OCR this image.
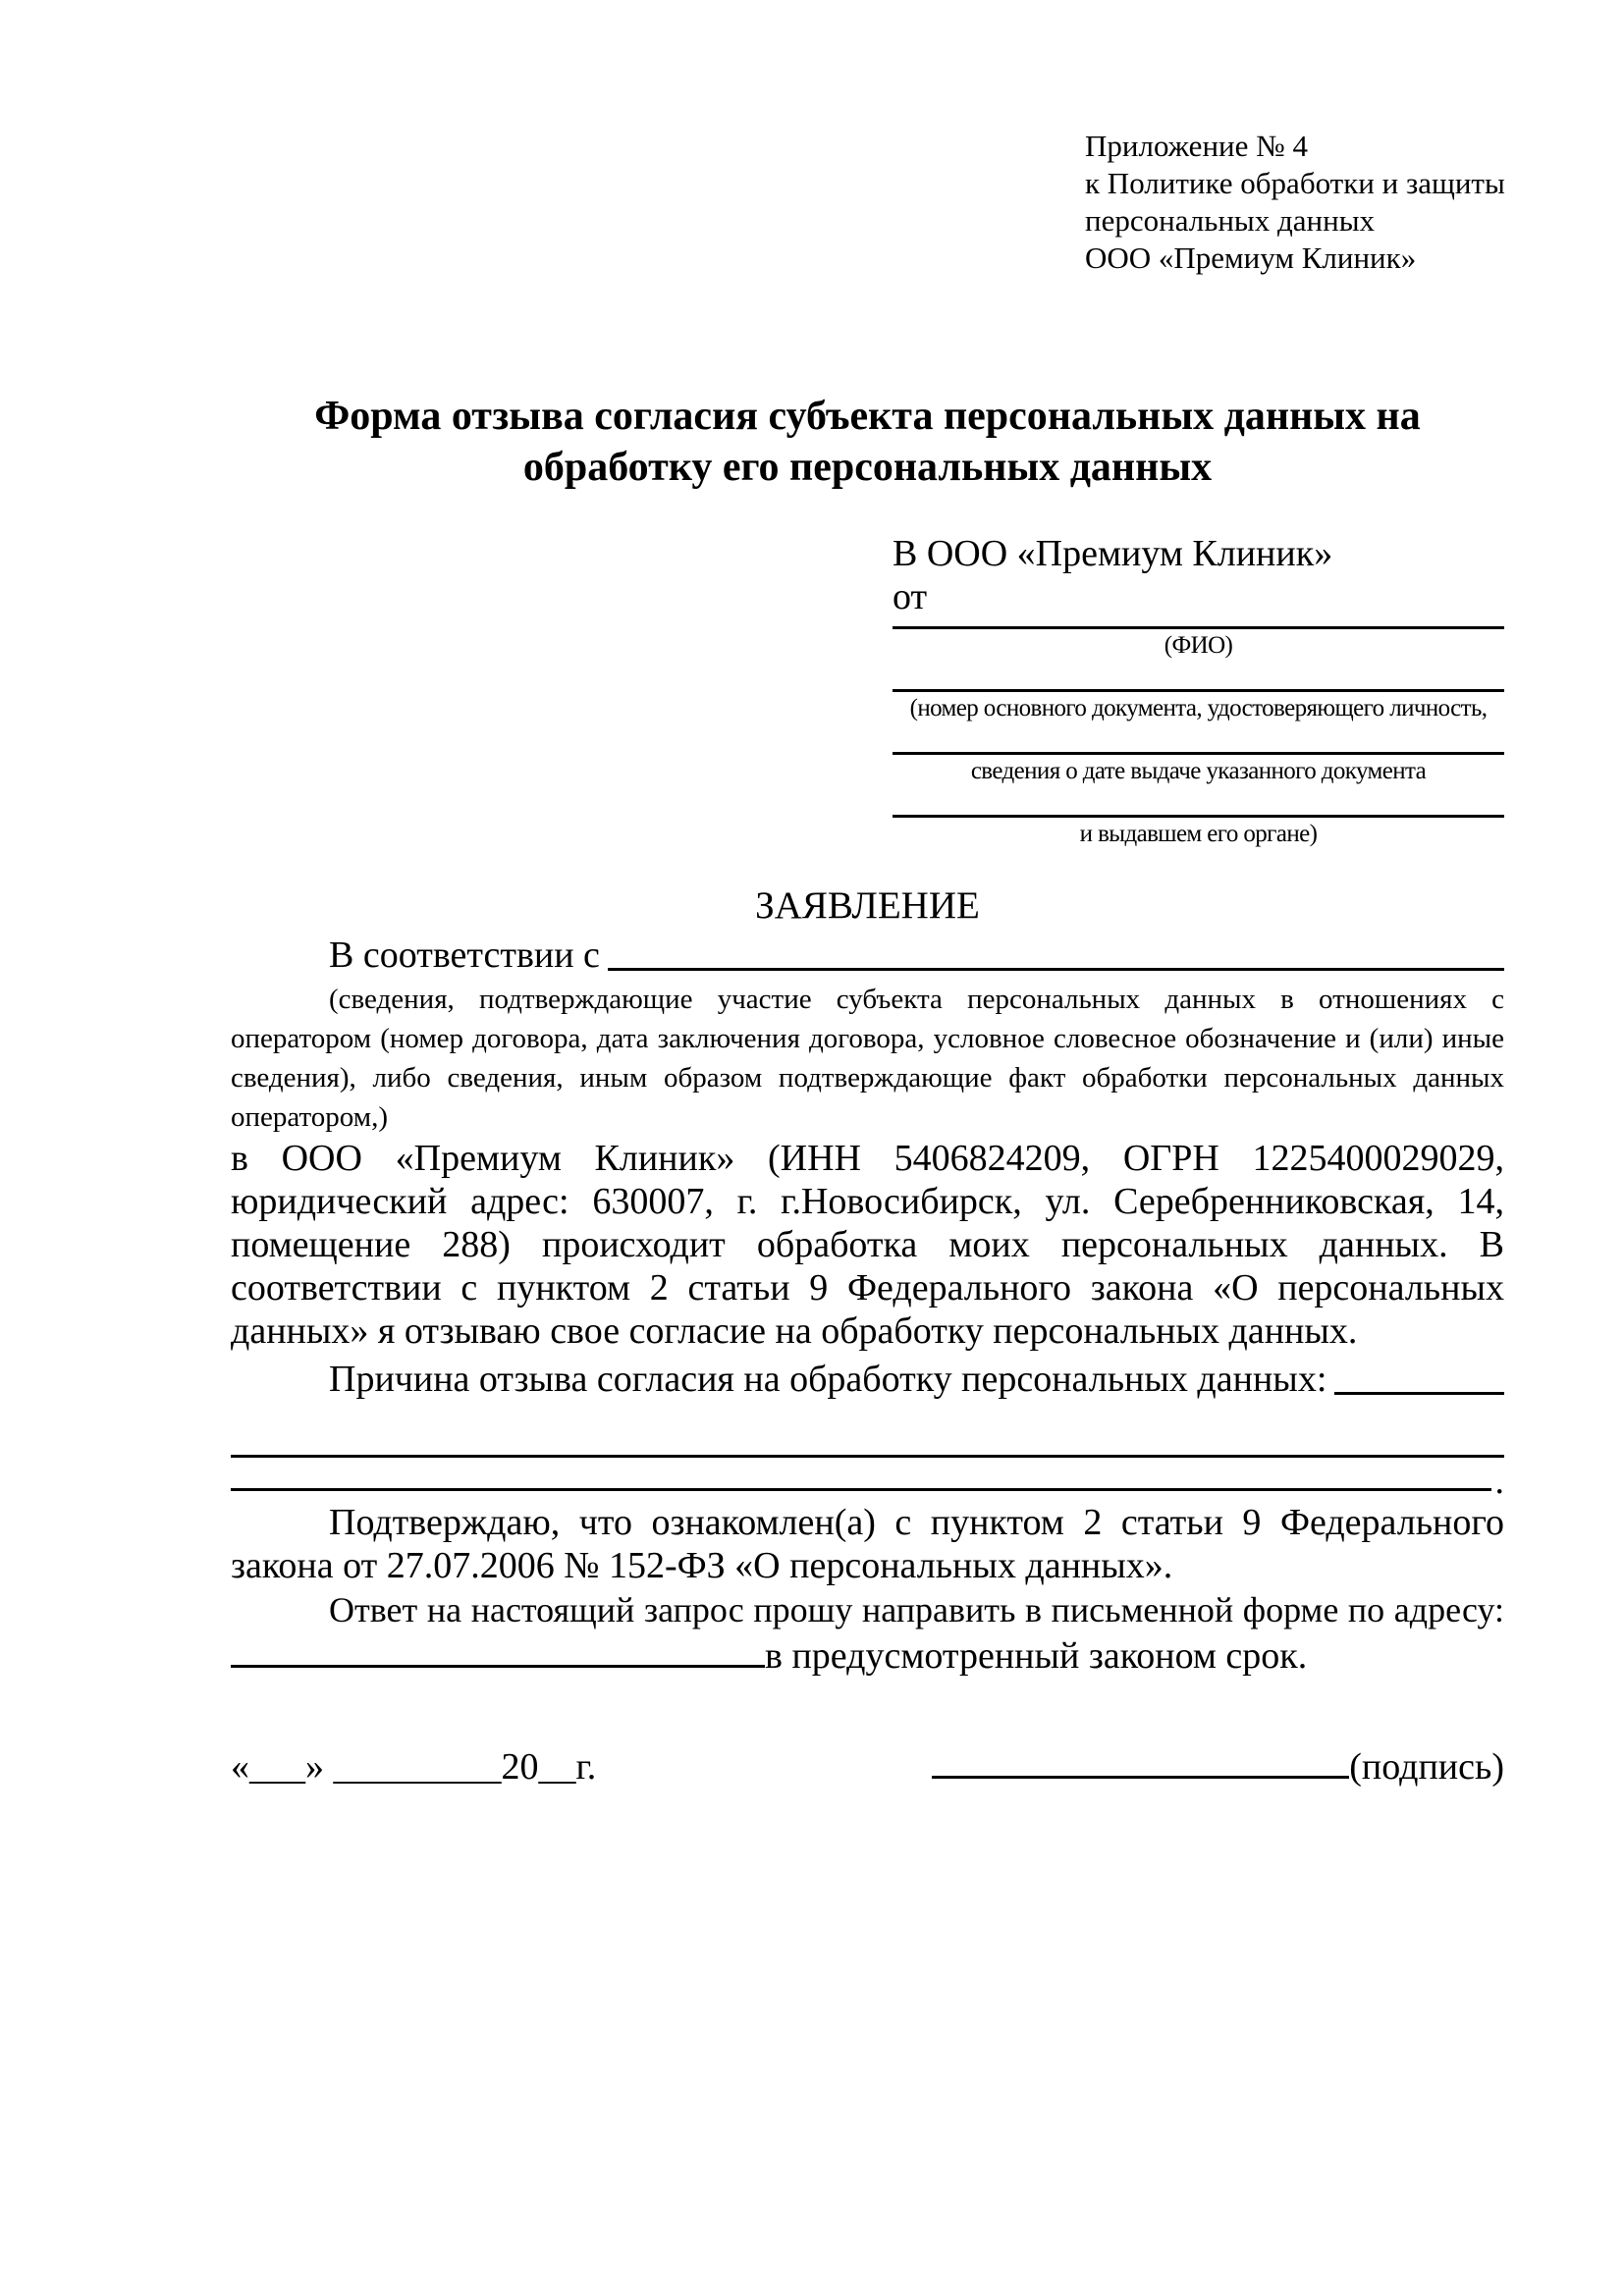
Приложение № 4
к Политике обработки и защиты
персональных данных
ООО «Премиум Клиник»
Форма отзыва согласия субъекта персональных данных на обработку его персональных данных
В ООО «Премиум Клиник»
от
(ФИО)
(номер основного документа, удостоверяющего личность,
сведения о дате выдаче указанного документа
и выдавшем его органе)
ЗАЯВЛЕНИЕ
В соответствии с
(сведения, подтверждающие участие субъекта персональных данных в отношениях с оператором (номер договора, дата заключения договора, условное словесное обозначение и (или) иные сведения), либо сведения, иным образом подтверждающие факт обработки персональных данных оператором,)

в ООО «Премиум Клиник» (ИНН 5406824209, ОГРН 1225400029029, юридический адрес: 630007, г. г.Новосибирск, ул. Серебренниковская, 14, помещение 288) происходит обработка моих персональных данных. В соответствии с пунктом 2 статьи 9 Федерального закона «О персональных данных» я отзываю свое согласие на обработку персональных данных.

Причина отзыва согласия на обработку персональных данных:
.

Подтверждаю, что ознакомлен(а) с пунктом 2 статьи 9 Федерального закона от 27.07.2006 № 152-ФЗ «О персональных данных».

Ответ на настоящий запрос прошу направить в письменной форме по адресу:

в предусмотренный законом срок.

«___» _________20__г.	(подпись)
